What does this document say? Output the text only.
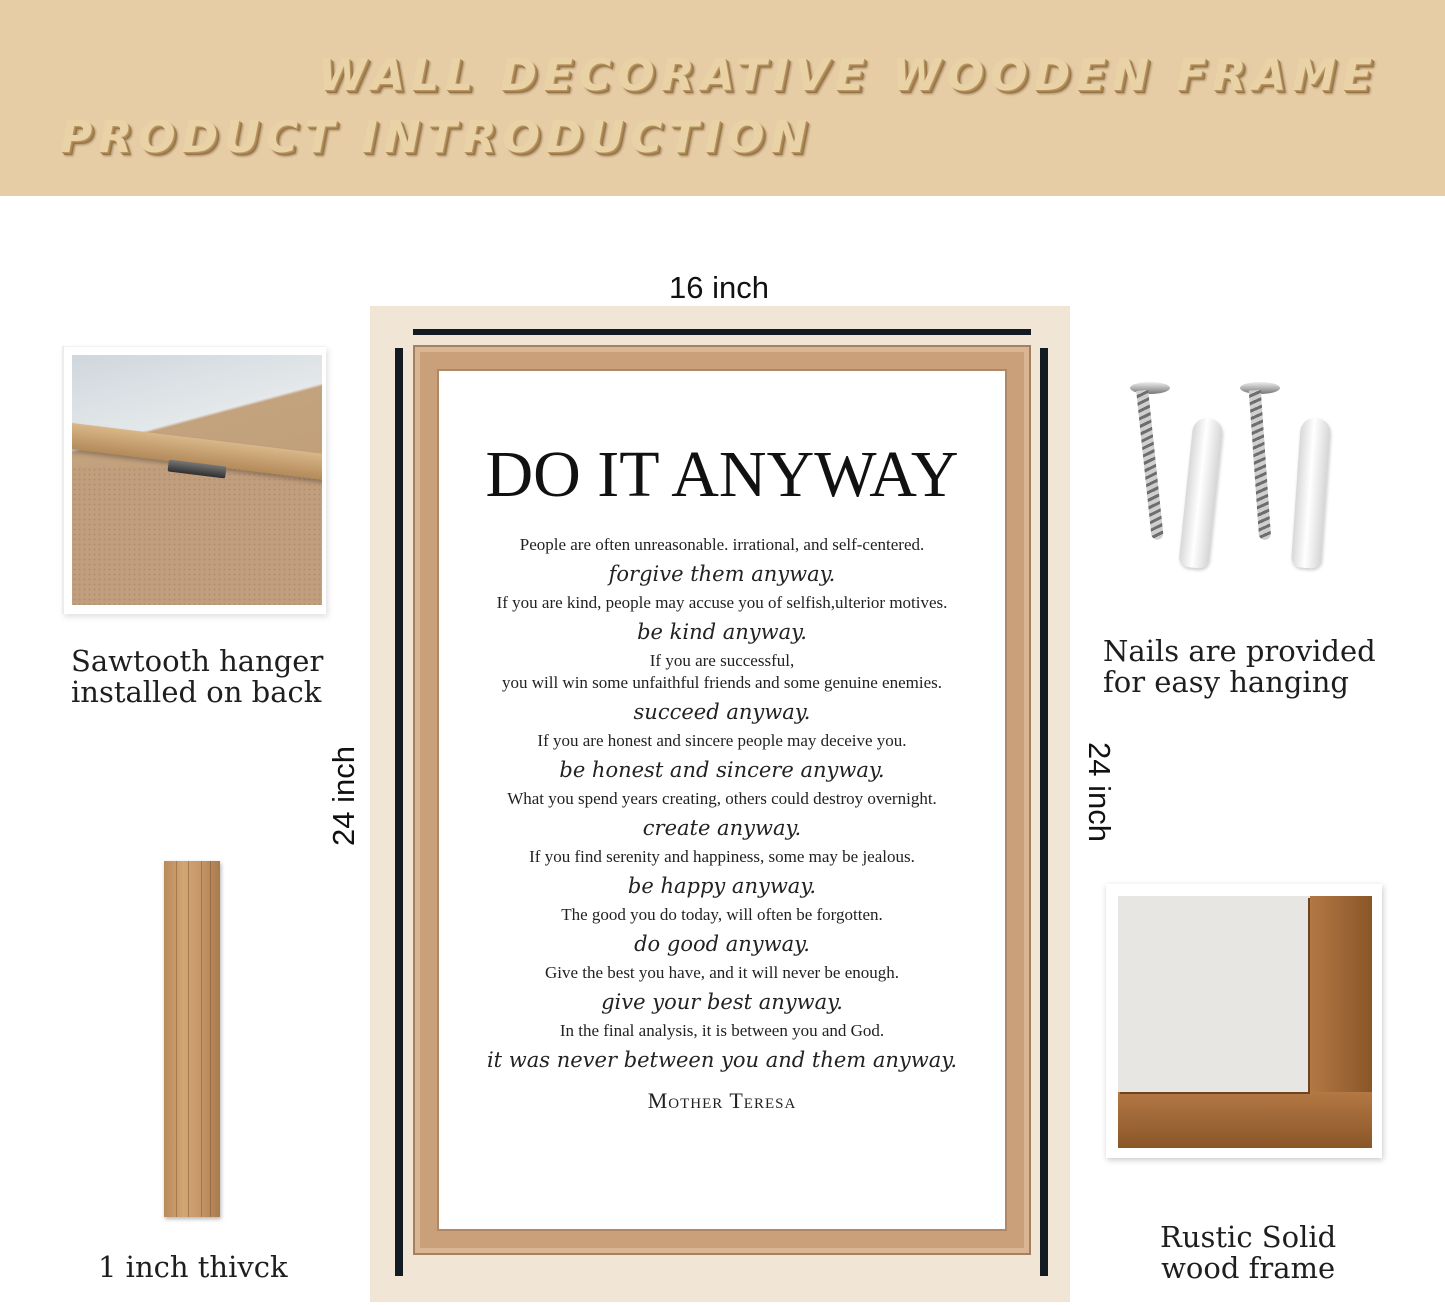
WALL DECORATIVE WOODEN FRAME
PRODUCT INTRODUCTION
Sawtooth hanger
installed on back
1 inch thivck
16 inch
24 inch	24 inch
DO IT ANYWAY
People are often unreasonable. irrational, and self-centered.
forgive them anyway.
If you are kind, people may accuse you of selfish,ulterior motives.
be kind anyway.
If you are successful,
you will win some unfaithful friends and some genuine enemies.
succeed anyway.
If you are honest and sincere people may deceive you.
be honest and sincere anyway.
What you spend years creating, others could destroy overnight.
create anyway.
If you find serenity and happiness, some may be jealous.
be happy anyway.
The good you do today, will often be forgotten.
do good anyway.
Give the best you have, and it will never be enough.
give your best anyway.
In the final analysis, it is between you and God.
it was never between you and them anyway.
Mother Teresa
Nails are provided
for easy hanging
Rustic Solid
wood frame
